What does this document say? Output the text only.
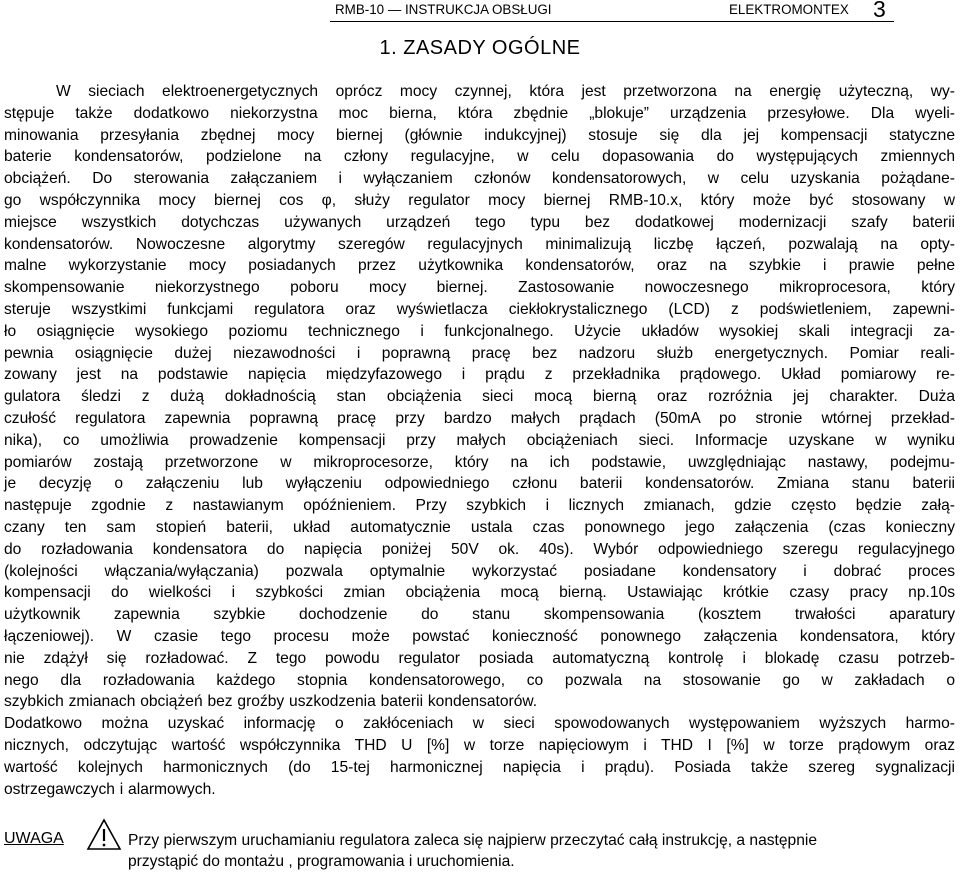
RMB-10 — INSTRUKCJA OBSŁUGI	ELEKTROMONTEX 3
1. ZASADY OGÓLNE
W sieciach elektroenergetycznych oprócz mocy czynnej, która jest przetworzona na energię użyteczną, wy-
stępuje także dodatkowo niekorzystna moc bierna, która zbędnie „blokuje” urządzenia przesyłowe. Dla wyeli-
minowania przesyłania zbędnej mocy biernej (głównie indukcyjnej) stosuje się dla jej kompensacji statyczne
baterie kondensatorów, podzielone na człony regulacyjne, w celu dopasowania do występujących zmiennych
obciążeń. Do sterowania załączaniem i wyłączaniem członów kondensatorowych, w celu uzyskania pożądane-
go współczynnika mocy biernej cos φ, służy regulator mocy biernej RMB-10.x, który może być stosowany w
miejsce wszystkich dotychczas używanych urządzeń tego typu bez dodatkowej modernizacji szafy baterii
kondensatorów. Nowoczesne algorytmy szeregów regulacyjnych minimalizują liczbę łączeń, pozwalają na opty-
malne wykorzystanie mocy posiadanych przez użytkownika kondensatorów, oraz na szybkie i prawie pełne
skompensowanie niekorzystnego poboru mocy biernej. Zastosowanie nowoczesnego mikroprocesora, który
steruje wszystkimi funkcjami regulatora oraz wyświetlacza ciekłokrystalicznego (LCD) z podświetleniem, zapewni-
ło osiągnięcie wysokiego poziomu technicznego i funkcjonalnego. Użycie układów wysokiej skali integracji za-
pewnia osiągnięcie dużej niezawodności i poprawną pracę bez nadzoru służb energetycznych. Pomiar reali-
zowany jest na podstawie napięcia międzyfazowego i prądu z przekładnika prądowego. Układ pomiarowy re-
gulatora śledzi z dużą dokładnością stan obciążenia sieci mocą bierną oraz rozróżnia jej charakter. Duża
czułość regulatora zapewnia poprawną pracę przy bardzo małych prądach (50mA po stronie wtórnej przekład-
nika), co umożliwia prowadzenie kompensacji przy małych obciążeniach sieci. Informacje uzyskane w wyniku
pomiarów zostają przetworzone w mikroprocesorze, który na ich podstawie, uwzględniając nastawy, podejmu-
je decyzję o załączeniu lub wyłączeniu odpowiedniego członu baterii kondensatorów. Zmiana stanu baterii
następuje zgodnie z nastawianym opóźnieniem. Przy szybkich i licznych zmianach, gdzie często będzie załą-
czany ten sam stopień baterii, układ automatycznie ustala czas ponownego jego załączenia (czas konieczny
do rozładowania kondensatora do napięcia poniżej 50V ok. 40s). Wybór odpowiedniego szeregu regulacyjnego
(kolejności włączania/wyłączania) pozwala optymalnie wykorzystać posiadane kondensatory i dobrać proces
kompensacji do wielkości i szybkości zmian obciążenia mocą bierną. Ustawiając krótkie czasy pracy np.10s
użytkownik zapewnia szybkie dochodzenie do stanu skompensowania (kosztem trwałości aparatury
łączeniowej). W czasie tego procesu może powstać konieczność ponownego załączenia kondensatora, który
nie zdążył się rozładować. Z tego powodu regulator posiada automatyczną kontrolę i blokadę czasu potrzeb-
nego dla rozładowania każdego stopnia kondensatorowego, co pozwala na stosowanie go w zakładach o
szybkich zmianach obciążeń bez groźby uszkodzenia baterii kondensatorów.
Dodatkowo można uzyskać informację o zakłóceniach w sieci spowodowanych występowaniem wyższych harmo-
nicznych, odczytując wartość współczynnika THD U [%] w torze napięciowym i THD I [%] w torze prądowym oraz
wartość kolejnych harmonicznych (do 15-tej harmonicznej napięcia i prądu). Posiada także szereg sygnalizacji
ostrzegawczych i alarmowych.
UWAGA	Przy pierwszym uruchamianiu regulatora zaleca się najpierw przeczytać całą instrukcję, a następnie
przystąpić do montażu , programowania i uruchomienia.
